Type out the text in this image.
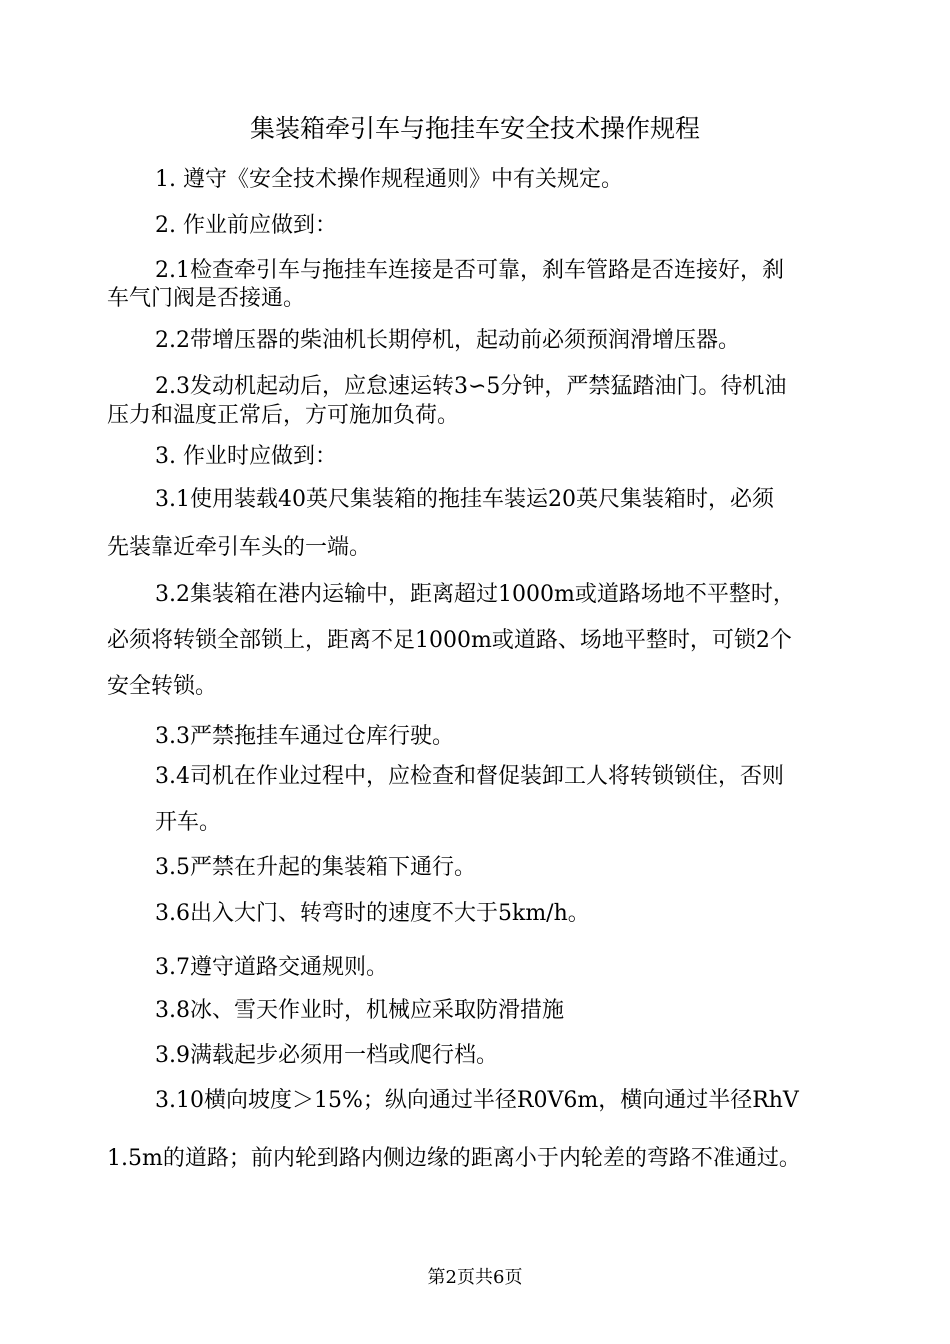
集装箱牵引车与拖挂车安全技术操作规程
1. 遵守《安全技术操作规程通则》中有关规定。
2. 作业前应做到：
2.1检查牵引车与拖挂车连接是否可靠，刹车管路是否连接好，刹
车气门阀是否接通。
2.2带增压器的柴油机长期停机，起动前必须预润滑增压器。
2.3发动机起动后，应怠速运转3∽5分钟，严禁猛踏油门。待机油
压力和温度正常后，方可施加负荷。
3. 作业时应做到：
3.1使用装载40英尺集装箱的拖挂车装运20英尺集装箱时，必须
先装靠近牵引车头的一端。
3.2集装箱在港内运输中，距离超过1000m或道路场地不平整时，
必须将转锁全部锁上，距离不足1000m或道路、场地平整时，可锁2个
安全转锁。
3.3严禁拖挂车通过仓库行驶。
3.4司机在作业过程中，应检查和督促装卸工人将转锁锁住，否则
开车。
3.5严禁在升起的集装箱下通行。
3.6出入大门、转弯时的速度不大于5km/h。
3.7遵守道路交通规则。
3.8冰、雪天作业时，机械应采取防滑措施
3.9满载起步必须用一档或爬行档。
3.10横向坡度＞15%；纵向通过半径R0V6m，横向通过半径RhV
1.5m的道路；前内轮到路内侧边缘的距离小于内轮差的弯路不准通过。
第2页共6页
